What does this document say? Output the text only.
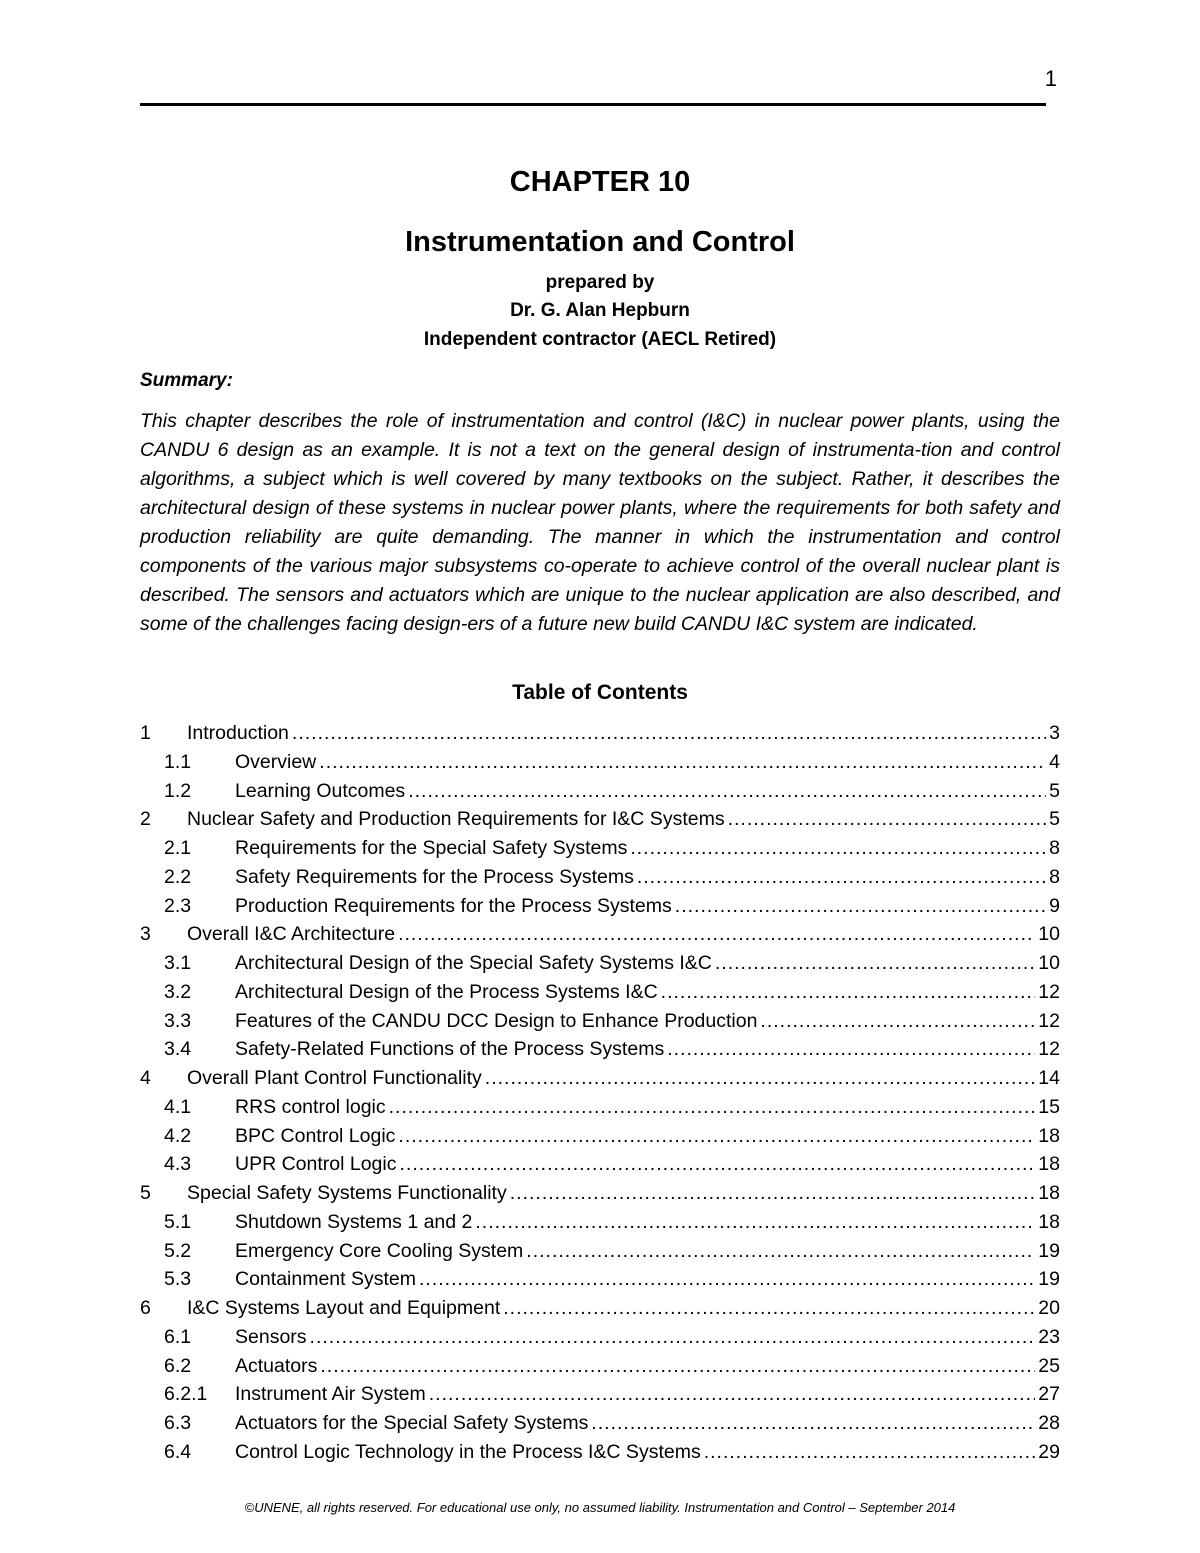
1
CHAPTER 10
Instrumentation and Control
prepared by
Dr. G. Alan Hepburn
Independent contractor (AECL Retired)
Summary:

This chapter describes the role of instrumentation and control (I&C) in nuclear power plants, using the CANDU 6 design as an example. It is not a text on the general design of instrumenta-tion and control algorithms, a subject which is well covered by many textbooks on the subject. Rather, it describes the architectural design of these systems in nuclear power plants, where the requirements for both safety and production reliability are quite demanding. The manner in which the instrumentation and control components of the various major subsystems co-operate to achieve control of the overall nuclear plant is described. The sensors and actuators which are unique to the nuclear application are also described, and some of the challenges facing design-ers of a future new build CANDU I&C system are indicated.

Table of Contents
1	Introduction .....	3
1.1	Overview .....	4
1.2	Learning Outcomes .....	5
2	Nuclear Safety and Production Requirements for I&C Systems .....	5
2.1	Requirements for the Special Safety Systems .....	8
2.2	Safety Requirements for the Process Systems .....	8
2.3	Production Requirements for the Process Systems .....	9
3	Overall I&C Architecture .....	10
3.1	Architectural Design of the Special Safety Systems I&C .....	10
3.2	Architectural Design of the Process Systems I&C .....	12
3.3	Features of the CANDU DCC Design to Enhance Production .....	12
3.4	Safety-Related Functions of the Process Systems .....	12
4	Overall Plant Control Functionality .....	14
4.1	RRS control logic .....	15
4.2	BPC Control Logic .....	18
4.3	UPR Control Logic .....	18
5	Special Safety Systems Functionality .....	18
5.1	Shutdown Systems 1 and 2 .....	18
5.2	Emergency Core Cooling System .....	19
5.3	Containment System .....	19
6	I&C Systems Layout and Equipment .....	20
6.1	Sensors .....	23
6.2	Actuators .....	25
6.2.1	Instrument Air System .....	27
6.3	Actuators for the Special Safety Systems .....	28
6.4	Control Logic Technology in the Process I&C Systems .....	29
©UNENE, all rights reserved. For educational use only, no assumed liability. Instrumentation and Control – September 2014
